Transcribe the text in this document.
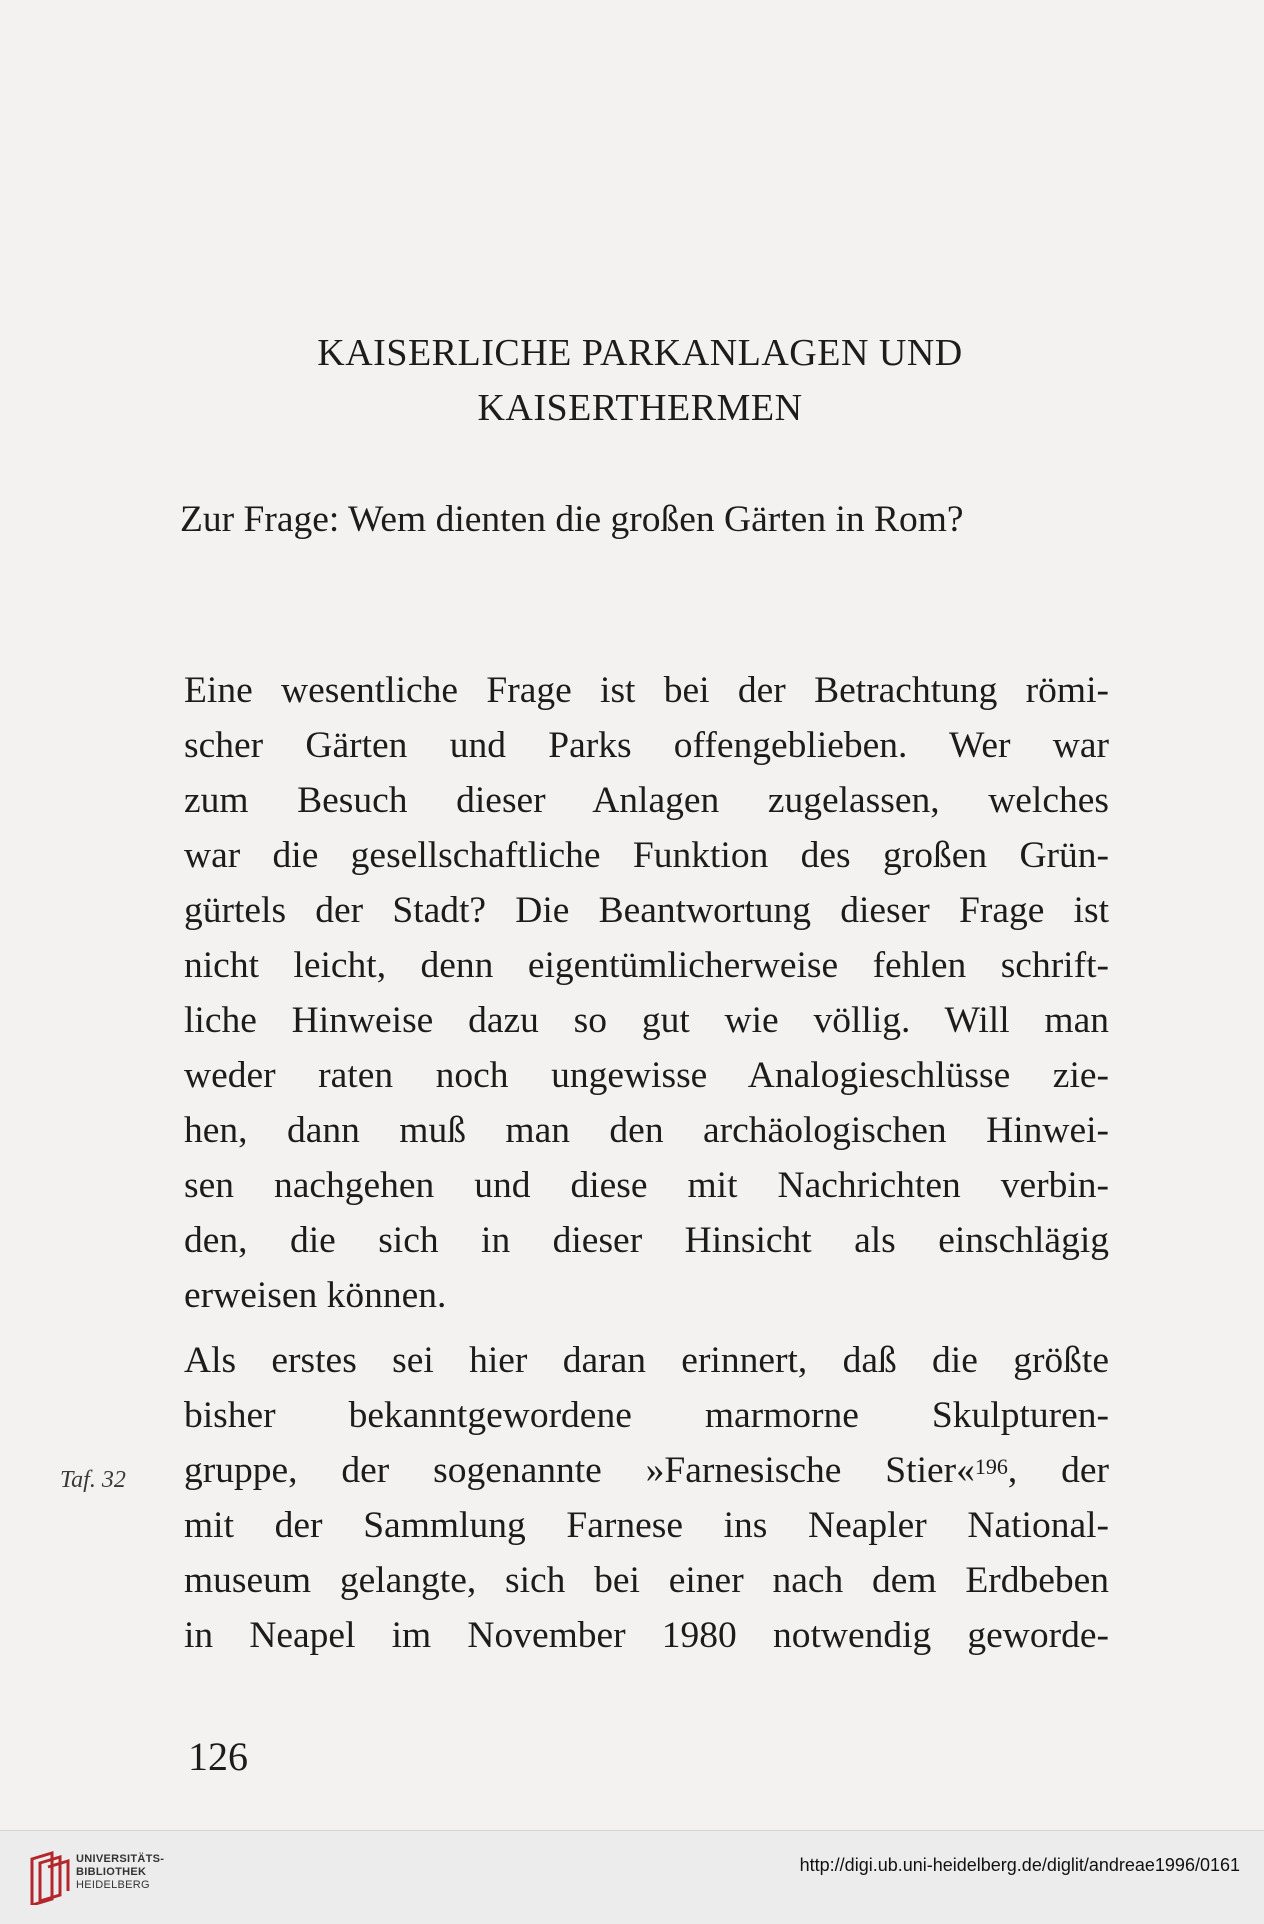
KAISERLICHE PARKANLAGEN UND
KAISERTHERMEN
Zur Frage: Wem dienten die großen Gärten in Rom?
Eine wesentliche Frage ist bei der Betrachtung römi-
scher Gärten und Parks offengeblieben. Wer war
zum Besuch dieser Anlagen zugelassen, welches
war die gesellschaftliche Funktion des großen Grün-
gürtels der Stadt? Die Beantwortung dieser Frage ist
nicht leicht, denn eigentümlicherweise fehlen schrift-
liche Hinweise dazu so gut wie völlig. Will man
weder raten noch ungewisse Analogieschlüsse zie-
hen, dann muß man den archäologischen Hinwei-
sen nachgehen und diese mit Nachrichten verbin-
den, die sich in dieser Hinsicht als einschlägig
erweisen können.
Als erstes sei hier daran erinnert, daß die größte
bisher bekanntgewordene marmorne Skulpturen-
gruppe, der sogenannte »Farnesische Stier«$^{196}$, der
mit der Sammlung Farnese ins Neapler National-
museum gelangte, sich bei einer nach dem Erdbeben
in Neapel im November 1980 notwendig geworde-
Taf. 32
126
UNIVERSITÄTS-
BIBLIOTHEK
HEIDELBERG
http://digi.ub.uni-heidelberg.de/diglit/andreae1996/0161
